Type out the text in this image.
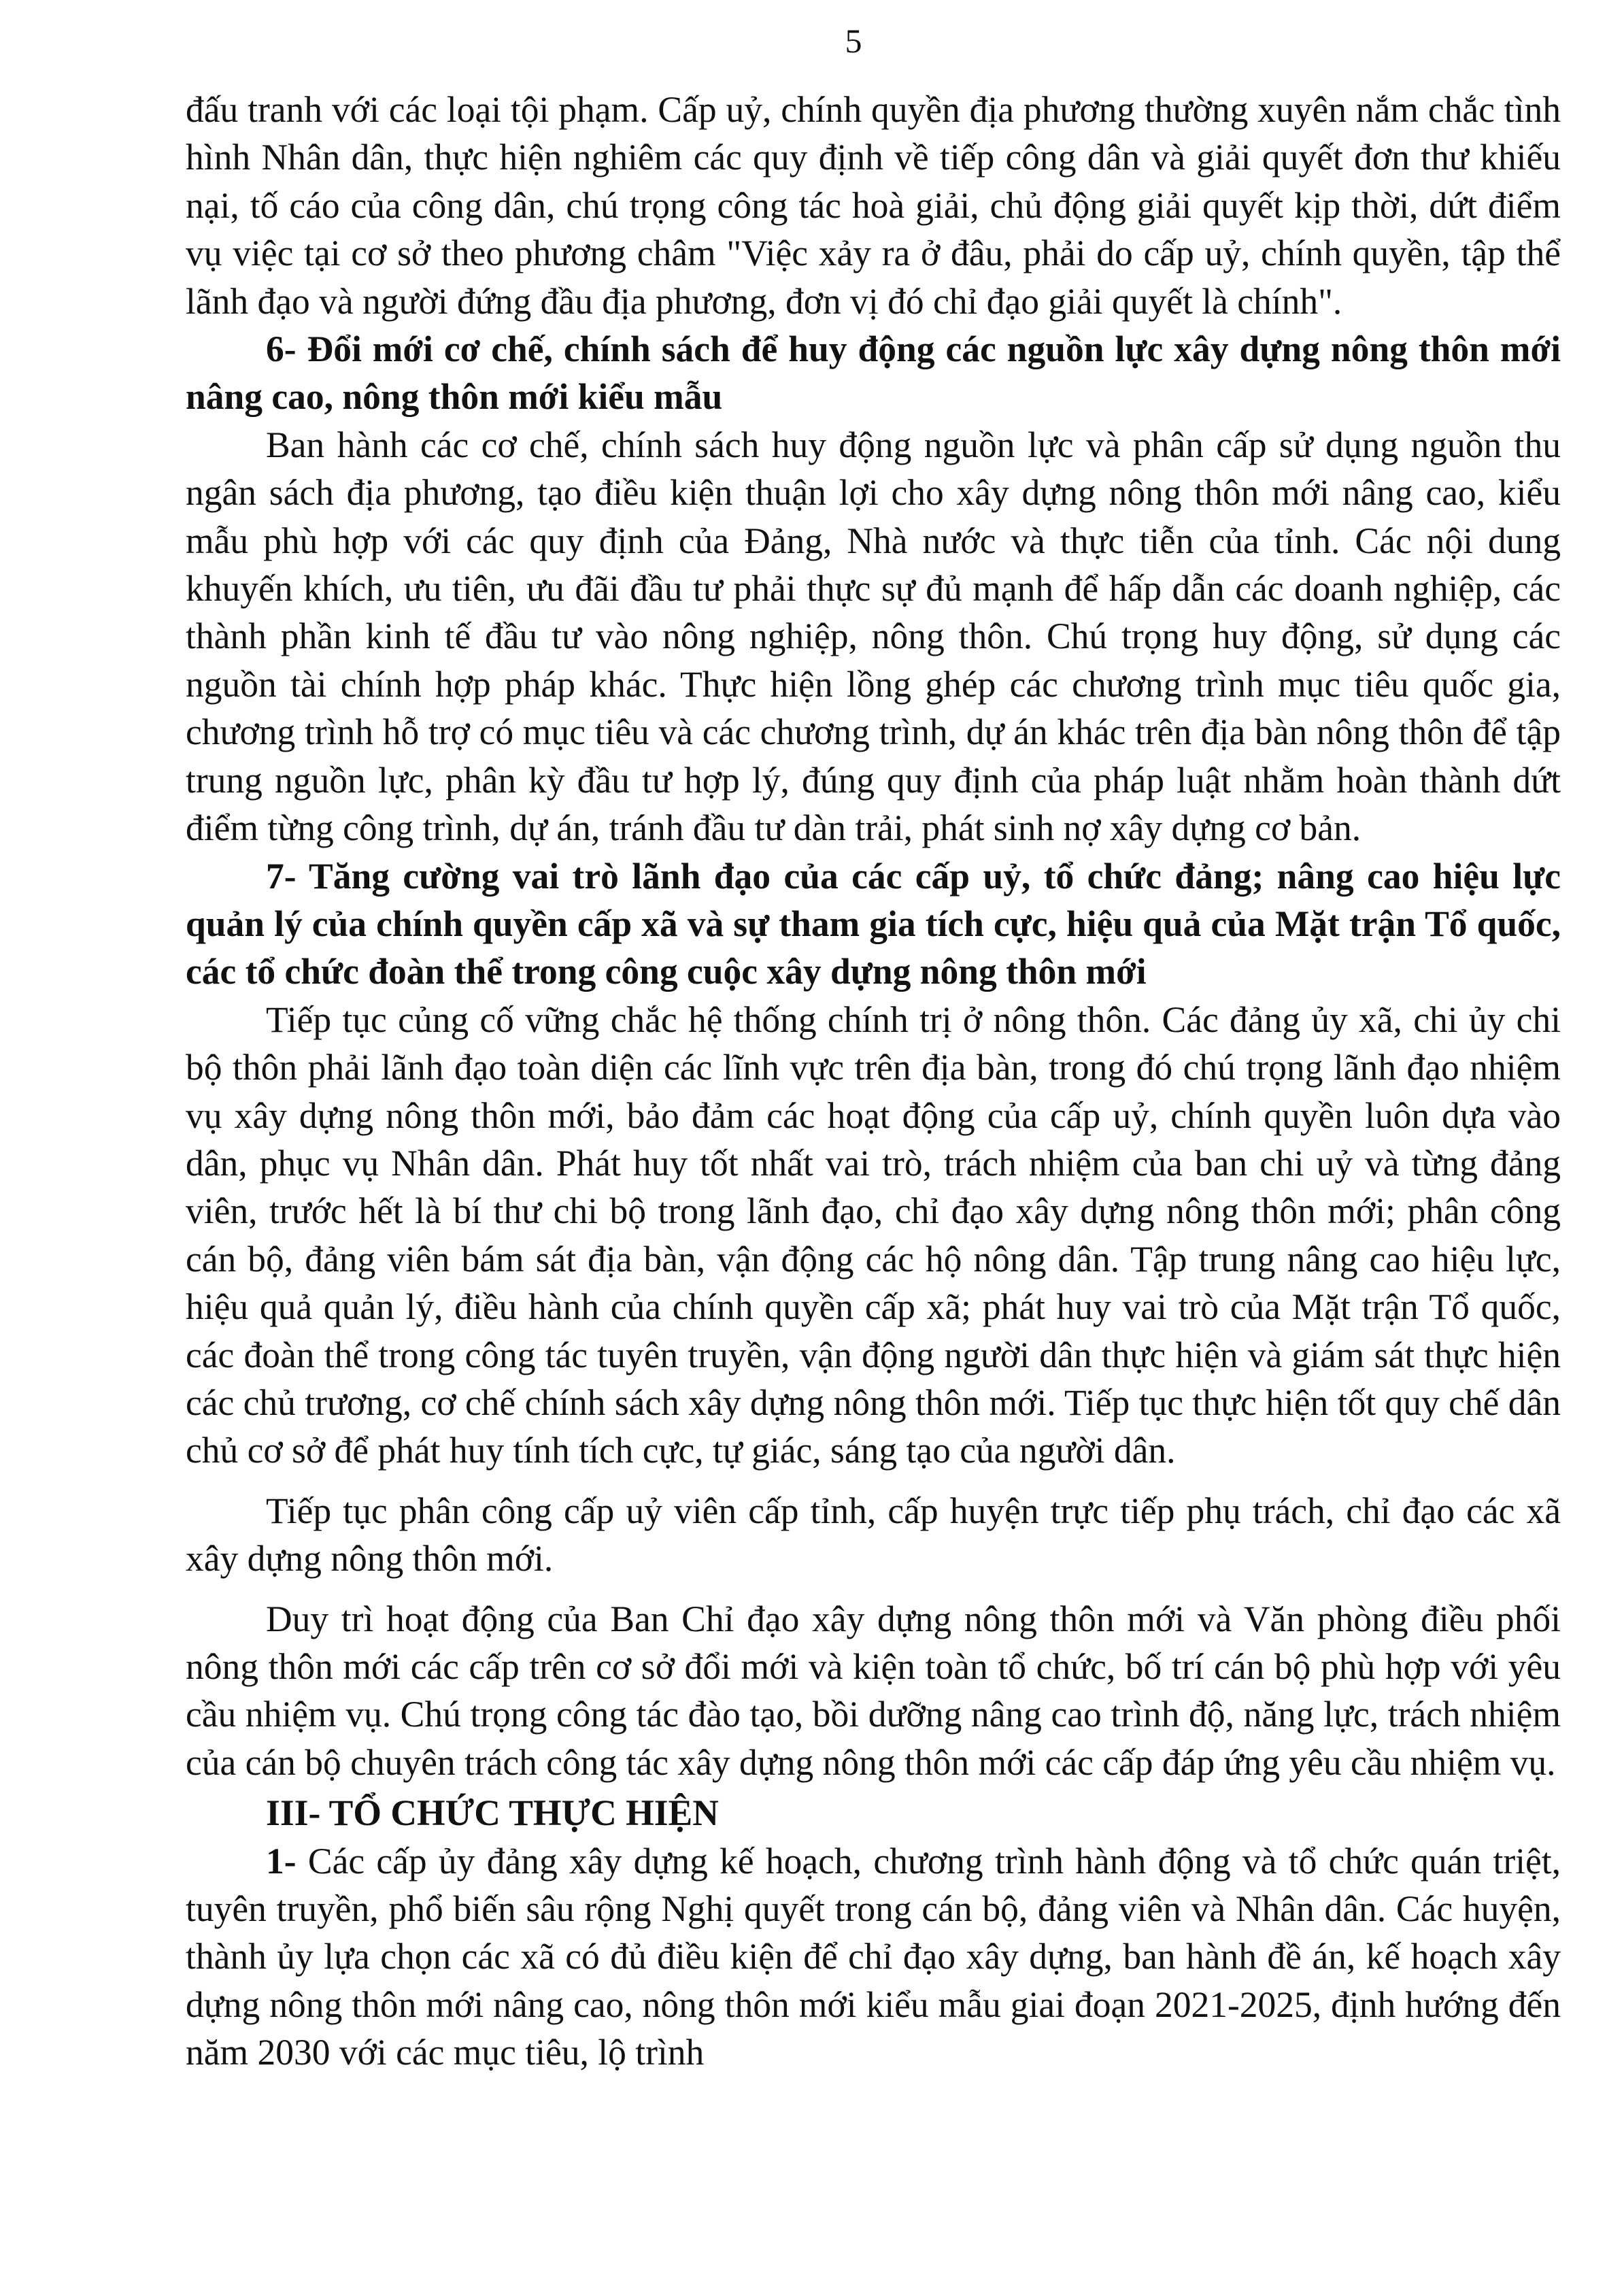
5

đấu tranh với các loại tội phạm. Cấp uỷ, chính quyền địa phương thường xuyên nắm chắc tình hình Nhân dân, thực hiện nghiêm các quy định về tiếp công dân và giải quyết đơn thư khiếu nại, tố cáo của công dân, chú trọng công tác hoà giải, chủ động giải quyết kịp thời, dứt điểm vụ việc tại cơ sở theo phương châm "Việc xảy ra ở đâu, phải do cấp uỷ, chính quyền, tập thể lãnh đạo và người đứng đầu địa phương, đơn vị đó chỉ đạo giải quyết là chính".

6- Đổi mới cơ chế, chính sách để huy động các nguồn lực xây dựng nông thôn mới nâng cao, nông thôn mới kiểu mẫu

Ban hành các cơ chế, chính sách huy động nguồn lực và phân cấp sử dụng nguồn thu ngân sách địa phương, tạo điều kiện thuận lợi cho xây dựng nông thôn mới nâng cao, kiểu mẫu phù hợp với các quy định của Đảng, Nhà nước và thực tiễn của tỉnh. Các nội dung khuyến khích, ưu tiên, ưu đãi đầu tư phải thực sự đủ mạnh để hấp dẫn các doanh nghiệp, các thành phần kinh tế đầu tư vào nông nghiệp, nông thôn. Chú trọng huy động, sử dụng các nguồn tài chính hợp pháp khác. Thực hiện lồng ghép các chương trình mục tiêu quốc gia, chương trình hỗ trợ có mục tiêu và các chương trình, dự án khác trên địa bàn nông thôn để tập trung nguồn lực, phân kỳ đầu tư hợp lý, đúng quy định của pháp luật nhằm hoàn thành dứt điểm từng công trình, dự án, tránh đầu tư dàn trải, phát sinh nợ xây dựng cơ bản.

7- Tăng cường vai trò lãnh đạo của các cấp uỷ, tổ chức đảng; nâng cao hiệu lực quản lý của chính quyền cấp xã và sự tham gia tích cực, hiệu quả của Mặt trận Tổ quốc, các tổ chức đoàn thể trong công cuộc xây dựng nông thôn mới

Tiếp tục củng cố vững chắc hệ thống chính trị ở nông thôn. Các đảng ủy xã, chi ủy chi bộ thôn phải lãnh đạo toàn diện các lĩnh vực trên địa bàn, trong đó chú trọng lãnh đạo nhiệm vụ xây dựng nông thôn mới, bảo đảm các hoạt động của cấp uỷ, chính quyền luôn dựa vào dân, phục vụ Nhân dân. Phát huy tốt nhất vai trò, trách nhiệm của ban chi uỷ và từng đảng viên, trước hết là bí thư chi bộ trong lãnh đạo, chỉ đạo xây dựng nông thôn mới; phân công cán bộ, đảng viên bám sát địa bàn, vận động các hộ nông dân. Tập trung nâng cao hiệu lực, hiệu quả quản lý, điều hành của chính quyền cấp xã; phát huy vai trò của Mặt trận Tổ quốc, các đoàn thể trong công tác tuyên truyền, vận động người dân thực hiện và giám sát thực hiện các chủ trương, cơ chế chính sách xây dựng nông thôn mới. Tiếp tục thực hiện tốt quy chế dân chủ cơ sở để phát huy tính tích cực, tự giác, sáng tạo của người dân.

Tiếp tục phân công cấp uỷ viên cấp tỉnh, cấp huyện trực tiếp phụ trách, chỉ đạo các xã xây dựng nông thôn mới.

Duy trì hoạt động của Ban Chỉ đạo xây dựng nông thôn mới và Văn phòng điều phối nông thôn mới các cấp trên cơ sở đổi mới và kiện toàn tổ chức, bố trí cán bộ phù hợp với yêu cầu nhiệm vụ. Chú trọng công tác đào tạo, bồi dưỡng nâng cao trình độ, năng lực, trách nhiệm của cán bộ chuyên trách công tác xây dựng nông thôn mới các cấp đáp ứng yêu cầu nhiệm vụ.

III- TỔ CHỨC THỰC HIỆN

1- Các cấp ủy đảng xây dựng kế hoạch, chương trình hành động và tổ chức quán triệt, tuyên truyền, phổ biến sâu rộng Nghị quyết trong cán bộ, đảng viên và Nhân dân. Các huyện, thành ủy lựa chọn các xã có đủ điều kiện để chỉ đạo xây dựng, ban hành đề án, kế hoạch xây dựng nông thôn mới nâng cao, nông thôn mới kiểu mẫu giai đoạn 2021-2025, định hướng đến năm 2030 với các mục tiêu, lộ trình
